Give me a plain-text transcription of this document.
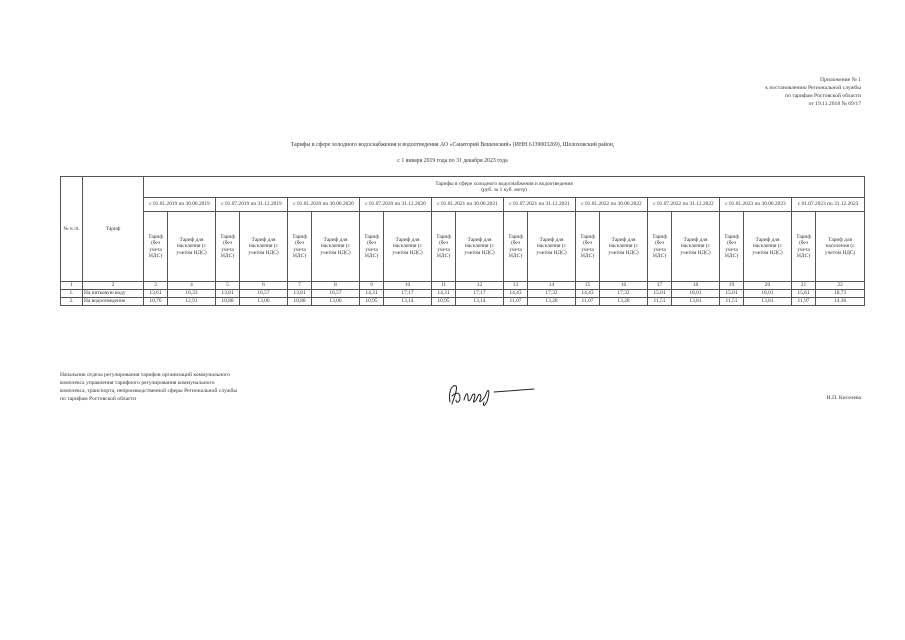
Приложение № 1
к постановлению Региональной службы
по тарифам Ростовской области
от 19.11.2018 № 69/17
Тарифы в сфере холодного водоснабжения и водоотведения АО «Санаторий Вешенский» (ИНН 6139003269), Шолоховский район,
с 1 января 2019 года по 31 декабря 2023 года
№ п./п.	Тариф	Тарифы в сфере холодного водоснабжения и водоотведения
(руб. за 1 куб. метр)																			

		с 01.01.2019 по 30.06.2019		с 01.07.2019 по 31.12.2019		с 01.01.2020 по 30.06.2020		с 01.07.2020 по 31.12.2020		с 01.01.2021 по 30.06.2021		с 01.07.2021 по 31.12.2021		с 01.01.2022 по 30.06.2022		с 01.07.2022 по 31.12.2022		с 01.01.2023 по 30.06.2023		с 01.07.2023 по 31.12.2023	
		Тариф (без учета НДС)	Тариф для населения (с учетом НДС)	Тариф (без учета НДС)	Тариф для населения (с учетом НДС)	Тариф (без учета НДС)	Тариф для населения (с учетом НДС)	Тариф (без учета НДС)	Тариф для населения (с учетом НДС)	Тариф (без учета НДС)	Тариф для населения (с учетом НДС)	Тариф (без учета НДС)	Тариф для населения (с учетом НДС)	Тариф (без учета НДС)	Тариф для населения (с учетом НДС)	Тариф (без учета НДС)	Тариф для населения (с учетом НДС)	Тариф (без учета НДС)	Тариф для населения (с учетом НДС)	Тариф (без учета НДС)	Тариф для населения (с учетом НДС)
1	2	3	4	5	6	7	8	9	10	11	12	13	14	15	16	17	18	19	20	21	22
1.	На питьевую воду	13,61	16,33	13,81	16,57	13,81	16,57	14,31	17,17	14,31	17,17	14,43	17,32	14,43	17,32	15,01	18,01	15,01	18,01	15,61	18,73
2.	На водоотведение	10,76	12,91	10,88	13,06	10,88	13,06	10,95	13,14	10,95	13,14	11,07	13,28	11,07	13,28	11,51	13,81	11,51	13,81	11,97	14,36
Начальник отдела регулирования тарифов организаций коммунального
комплекса управления тарифного регулирования коммунального
комплекса, транспорта, непроизводственной сферы Региональной службы
по тарифам Ростовской области	И.П. Киселева
